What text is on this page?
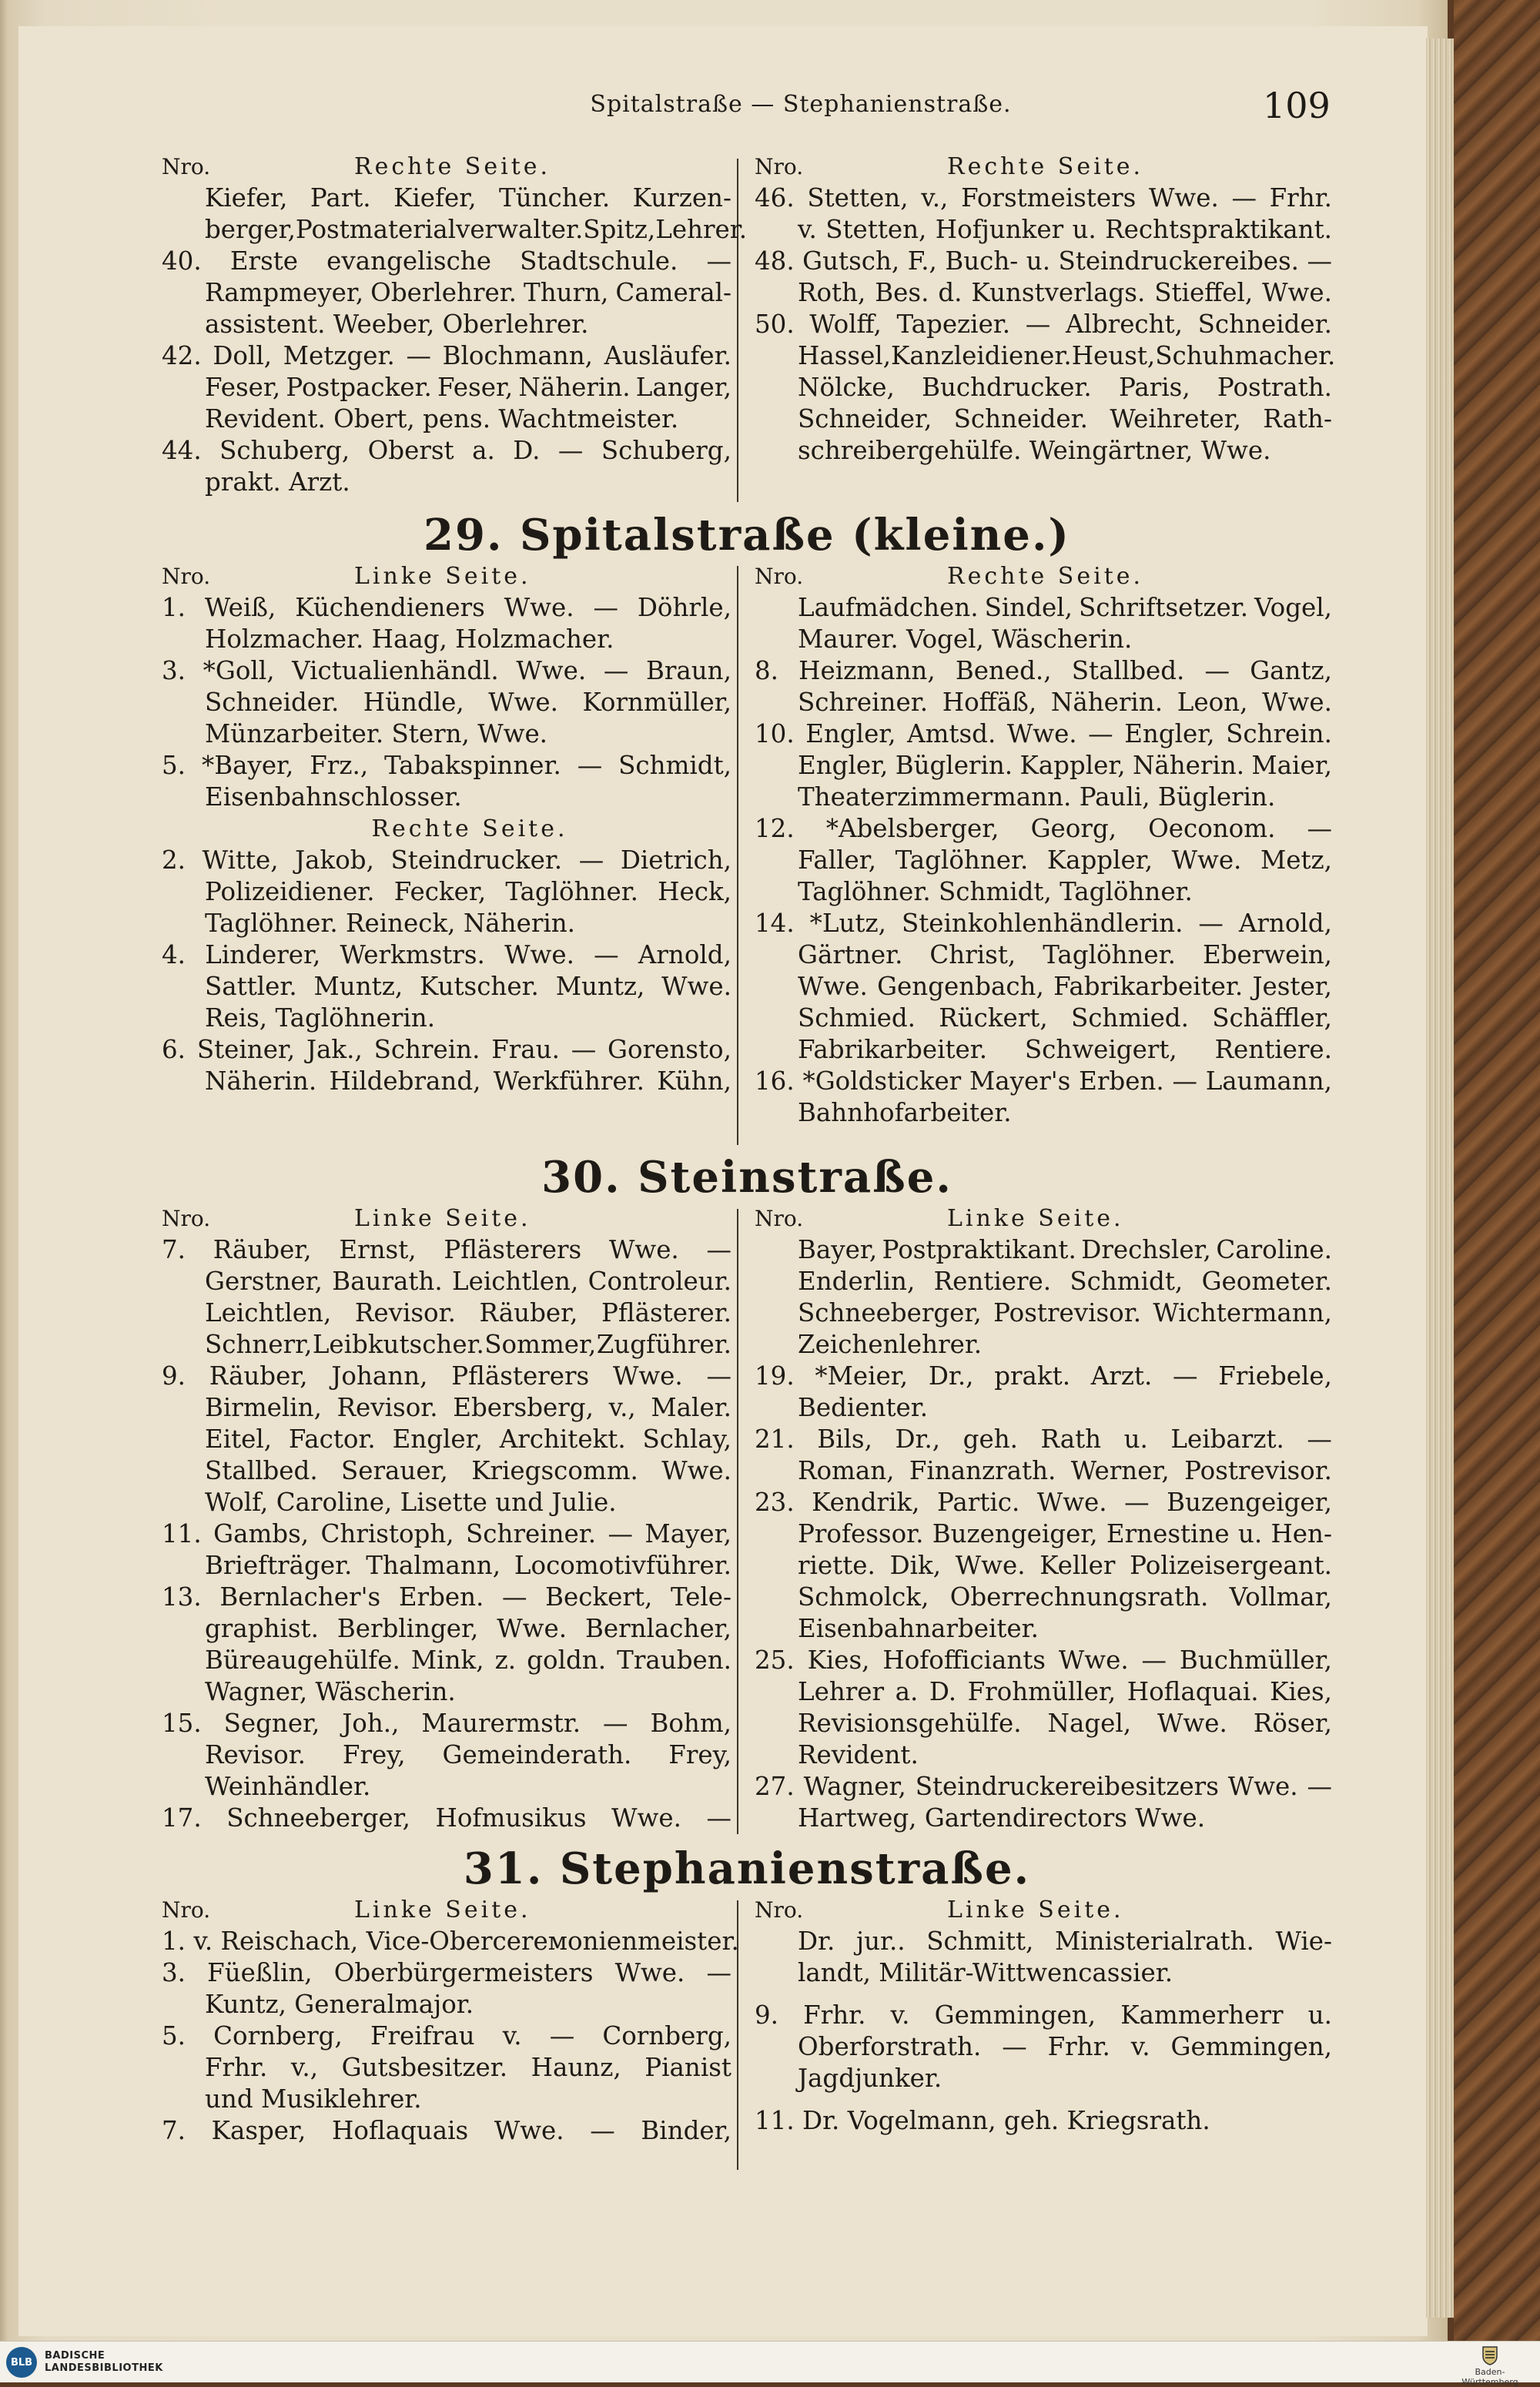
Spitalstraße — Stephanienstraße.	109
Nro.	Rechte Seite.
Kiefer, Part. Kiefer, Tüncher. Kurzen-
berger, Postmaterialverwalter. Spitz, Lehrer.
40. Erste evangelische Stadtschule. —
Rampmeyer, Oberlehrer. Thurn, Cameral-
assistent. Weeber, Oberlehrer.
42. Doll, Metzger. — Blochmann, Ausläufer.
Feser, Postpacker. Feser, Näherin. Langer,
Revident. Obert, pens. Wachtmeister.
44. Schuberg, Oberst a. D. — Schuberg,
prakt. Arzt.
Nro.	Rechte Seite.
46. Stetten, v., Forstmeisters Wwe. — Frhr.
v. Stetten, Hofjunker u. Rechtspraktikant.
48. Gutsch, F., Buch- u. Steindruckereibes. —
Roth, Bes. d. Kunstverlags. Stieffel, Wwe.
50. Wolff, Tapezier. — Albrecht, Schneider.
Hassel, Kanzleidiener. Heust, Schuhmacher.
Nölcke, Buchdrucker. Paris, Postrath.
Schneider, Schneider. Weihreter, Rath-
schreibergehülfe. Weingärtner, Wwe.
29. Spitalstraße (kleine.)
Nro.	Linke Seite.
1. Weiß, Küchendieners Wwe. — Döhrle,
Holzmacher. Haag, Holzmacher.
3. *Goll, Victualienhändl. Wwe. — Braun,
Schneider. Hündle, Wwe. Kornmüller,
Münzarbeiter. Stern, Wwe.
5. *Bayer, Frz., Tabakspinner. — Schmidt,
Eisenbahnschlosser.
Rechte Seite.
2. Witte, Jakob, Steindrucker. — Dietrich,
Polizeidiener. Fecker, Taglöhner. Heck,
Taglöhner. Reineck, Näherin.
4. Linderer, Werkmstrs. Wwe. — Arnold,
Sattler. Muntz, Kutscher. Muntz, Wwe.
Reis, Taglöhnerin.
6. Steiner, Jak., Schrein. Frau. — Gorensto,
Näherin. Hildebrand, Werkführer. Kühn,
Nro.	Rechte Seite.
Laufmädchen. Sindel, Schriftsetzer. Vogel,
Maurer. Vogel, Wäscherin.
8. Heizmann, Bened., Stallbed. — Gantz,
Schreiner. Hoffäß, Näherin. Leon, Wwe.
10. Engler, Amtsd. Wwe. — Engler, Schrein.
Engler, Büglerin. Kappler, Näherin. Maier,
Theaterzimmermann. Pauli, Büglerin.
12. *Abelsberger, Georg, Oeconom. —
Faller, Taglöhner. Kappler, Wwe. Metz,
Taglöhner. Schmidt, Taglöhner.
14. *Lutz, Steinkohlenhändlerin. — Arnold,
Gärtner. Christ, Taglöhner. Eberwein,
Wwe. Gengenbach, Fabrikarbeiter. Jester,
Schmied. Rückert, Schmied. Schäffler,
Fabrikarbeiter. Schweigert, Rentiere.
16. *Goldsticker Mayer's Erben. — Laumann,
Bahnhofarbeiter.
30. Steinstraße.
Nro.	Linke Seite.
7. Räuber, Ernst, Pflästerers Wwe. —
Gerstner, Baurath. Leichtlen, Controleur.
Leichtlen, Revisor. Räuber, Pflästerer.
Schnerr, Leibkutscher. Sommer, Zugführer.
9. Räuber, Johann, Pflästerers Wwe. —
Birmelin, Revisor. Ebersberg, v., Maler.
Eitel, Factor. Engler, Architekt. Schlay,
Stallbed. Serauer, Kriegscomm. Wwe.
Wolf, Caroline, Lisette und Julie.
11. Gambs, Christoph, Schreiner. — Mayer,
Briefträger. Thalmann, Locomotivführer.
13. Bernlacher's Erben. — Beckert, Tele-
graphist. Berblinger, Wwe. Bernlacher,
Büreaugehülfe. Mink, z. goldn. Trauben.
Wagner, Wäscherin.
15. Segner, Joh., Maurermstr. — Bohm,
Revisor. Frey, Gemeinderath. Frey,
Weinhändler.
17. Schneeberger, Hofmusikus Wwe. —
Nro.	Linke Seite.
Bayer, Postpraktikant. Drechsler, Caroline.
Enderlin, Rentiere. Schmidt, Geometer.
Schneeberger, Postrevisor. Wichtermann,
Zeichenlehrer.
19. *Meier, Dr., prakt. Arzt. — Friebele,
Bedienter.
21. Bils, Dr., geh. Rath u. Leibarzt. —
Roman, Finanzrath. Werner, Postrevisor.
23. Kendrik, Partic. Wwe. — Buzengeiger,
Professor. Buzengeiger, Ernestine u. Hen-
riette. Dik, Wwe. Keller Polizeisergeant.
Schmolck, Oberrechnungsrath. Vollmar,
Eisenbahnarbeiter.
25. Kies, Hofofficiants Wwe. — Buchmüller,
Lehrer a. D. Frohmüller, Hoflaquai. Kies,
Revisionsgehülfe. Nagel, Wwe. Röser,
Revident.
27. Wagner, Steindruckereibesitzers Wwe. —
Hartweg, Gartendirectors Wwe.
31. Stephanienstraße.
Nro.	Linke Seite.
1. v. Reischach, Vice-Obercerемonienmeister.
3. Füeßlin, Oberbürgermeisters Wwe. —
Kuntz, Generalmajor.
5. Cornberg, Freifrau v. — Cornberg,
Frhr. v., Gutsbesitzer. Haunz, Pianist
und Musiklehrer.
7. Kasper, Hoflaquais Wwe. — Binder,
Nro.	Linke Seite.
Dr. jur.. Schmitt, Ministerialrath. Wie-
landt, Militär-Wittwencassier.
9. Frhr. v. Gemmingen, Kammerherr u.
Oberforstrath. — Frhr. v. Gemmingen,
Jagdjunker.
11. Dr. Vogelmann, geh. Kriegsrath.
BLB
BADISCHE
LANDESBIBLIOTHEK	Baden-Württemberg
